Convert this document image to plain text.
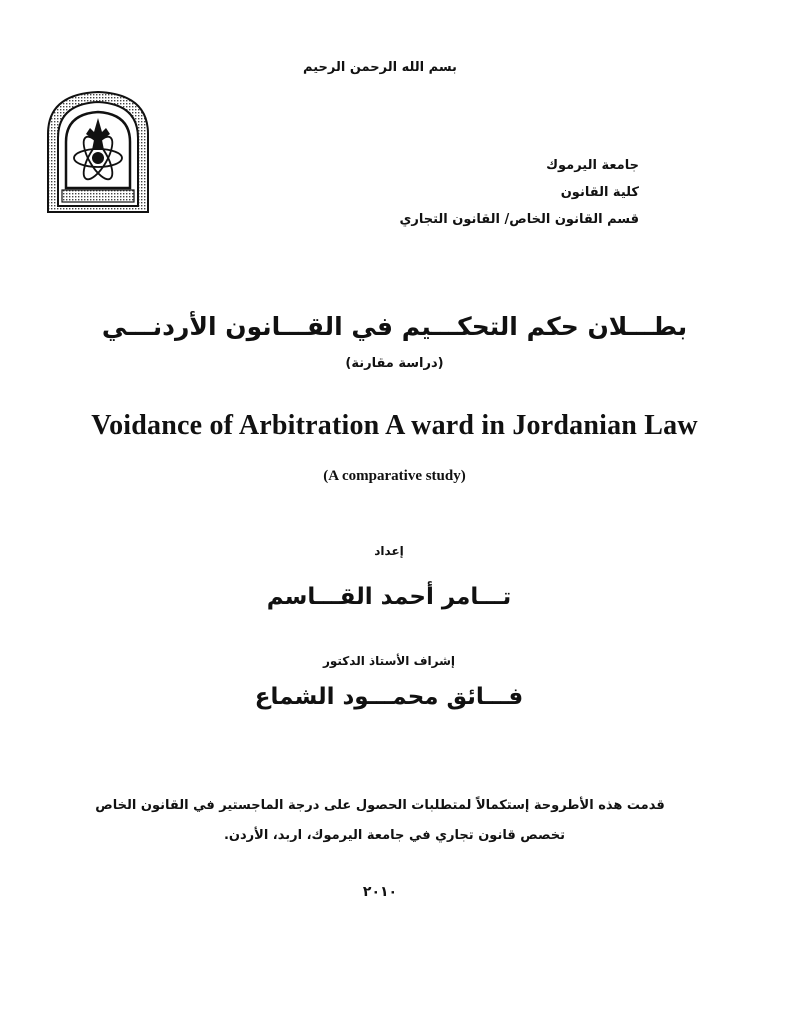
بسم الله الرحمن الرحيم
جامعة اليرموك
كلية القانون
قسم القانون الخاص/ القانون التجاري
بطـــلان حكم التحكـــيم في القـــانون الأردنـــي
(دراسة مقارنة)
Voidance of Arbitration A ward in Jordanian Law
(A comparative study)
إعداد
تـــامر أحمد القـــاسم
إشراف الأستاذ الدكتور
فـــائق محمـــود الشماع
قدمت هذه الأطروحة إستكمالاً لمتطلبات الحصول على درجة الماجستير في القانون الخاص
تخصص قانون تجاري في جامعة اليرموك، اربد، الأردن.
٢٠١٠
